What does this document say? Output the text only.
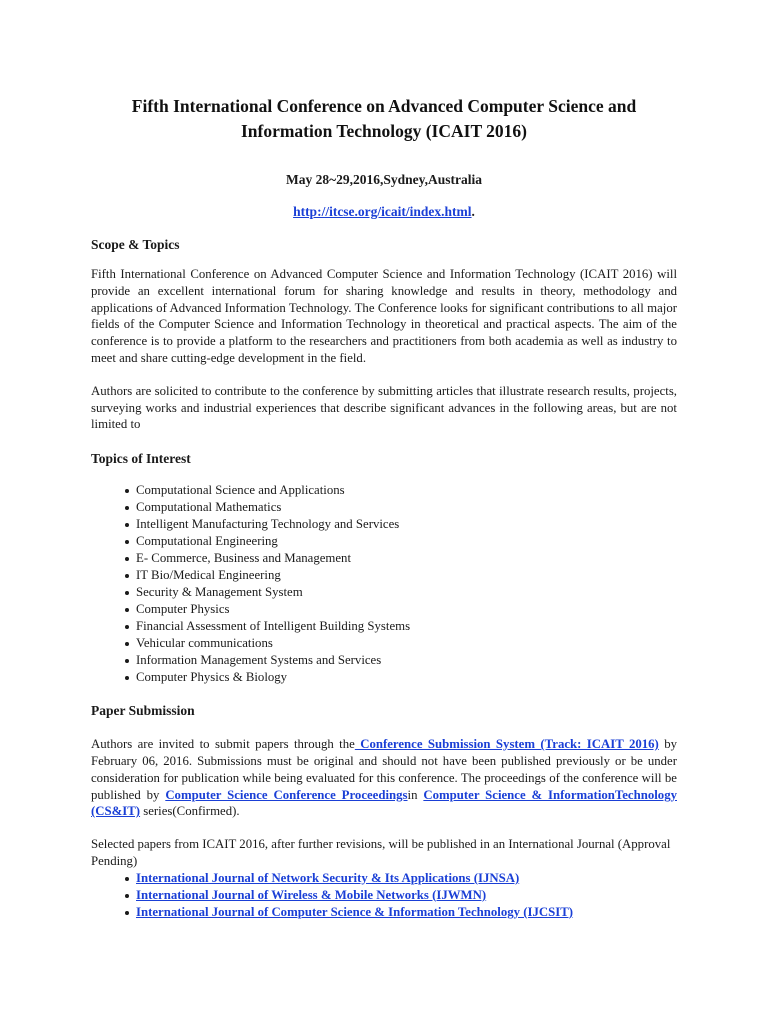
Fifth International Conference on Advanced Computer Science and Information Technology (ICAIT 2016)

May 28~29,2016,Sydney,Australia

http://itcse.org/icait/index.html.

Scope & Topics

Fifth International Conference on Advanced Computer Science and Information Technology (ICAIT 2016) will provide an excellent international forum for sharing knowledge and results in theory, methodology and applications of Advanced Information Technology. The Conference looks for significant contributions to all major fields of the Computer Science and Information Technology in theoretical and practical aspects. The aim of the conference is to provide a platform to the researchers and practitioners from both academia as well as industry to meet and share cutting-edge development in the field.

Authors are solicited to contribute to the conference by submitting articles that illustrate research results, projects, surveying works and industrial experiences that describe significant advances in the following areas, but are not limited to

Topics of Interest
Computational Science and Applications
Computational Mathematics
Intelligent Manufacturing Technology and Services
Computational Engineering
E- Commerce, Business and Management
IT Bio/Medical Engineering
Security & Management System
Computer Physics
Financial Assessment of Intelligent Building Systems
Vehicular communications
Information Management Systems and Services
Computer Physics & Biology
Paper Submission

Authors are invited to submit papers through the Conference Submission System (Track: ICAIT 2016) by February 06, 2016. Submissions must be original and should not have been published previously or be under consideration for publication while being evaluated for this conference. The proceedings of the conference will be published by Computer Science Conference Proceedingsin Computer Science & InformationTechnology (CS&IT) series(Confirmed).

Selected papers from ICAIT 2016, after further revisions, will be published in an International Journal (Approval Pending)

International Journal of Network Security & Its Applications (IJNSA)
International Journal of Wireless & Mobile Networks (IJWMN)
International Journal of Computer Science & Information Technology (IJCSIT)
